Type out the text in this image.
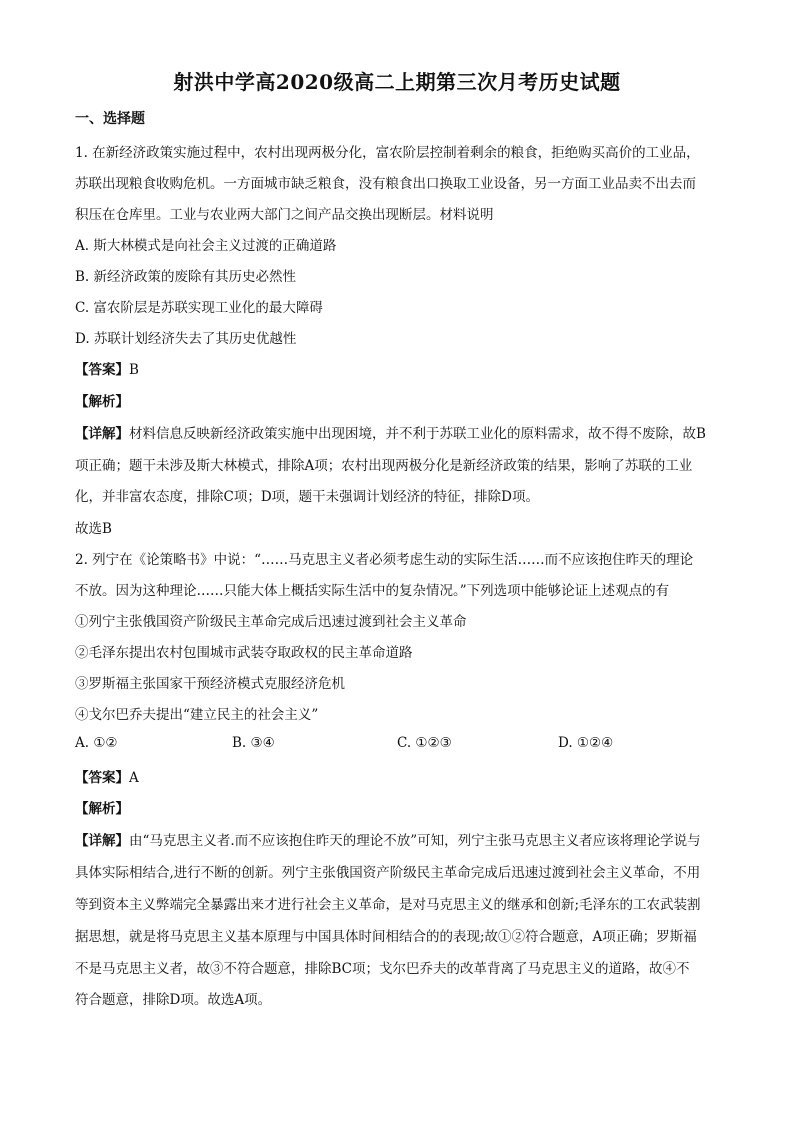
射洪中学高2020级高二上期第三次月考历史试题
一、选择题
1. 在新经济政策实施过程中，农村出现两极分化，富农阶层控制着剩余的粮食，拒绝购买高价的工业品，
苏联出现粮食收购危机。一方面城市缺乏粮食，没有粮食出口换取工业设备，另一方面工业品卖不出去而
积压在仓库里。工业与农业两大部门之间产品交换出现断层。材料说明
A. 斯大林模式是向社会主义过渡的正确道路
B. 新经济政策的废除有其历史必然性
C. 富农阶层是苏联实现工业化的最大障碍
D. 苏联计划经济失去了其历史优越性
【答案】B
【解析】
【详解】材料信息反映新经济政策实施中出现困境，并不利于苏联工业化的原料需求，故不得不废除，故B
项正确；题干未涉及斯大林模式，排除A项；农村出现两极分化是新经济政策的结果，影响了苏联的工业
化，并非富农态度，排除C项；D项，题干未强调计划经济的特征，排除D项。
故选B
2. 列宁在《论策略书》中说：“……马克思主义者必须考虑生动的实际生活……而不应该抱住昨天的理论
不放。因为这种理论……只能大体上概括实际生活中的复杂情况。”下列选项中能够论证上述观点的有
①列宁主张俄国资产阶级民主革命完成后迅速过渡到社会主义革命
②毛泽东提出农村包围城市武装夺取政权的民主革命道路
③罗斯福主张国家干预经济模式克服经济危机
④戈尔巴乔夫提出“建立民主的社会主义”
A. ①②	B. ③④	C. ①②③	D. ①②④
【答案】A
【解析】
【详解】由“马克思主义者.而不应该抱住昨天的理论不放”可知，列宁主张马克思主义者应该将理论学说与
具体实际相结合,进行不断的创新。列宁主张俄国资产阶级民主革命完成后迅速过渡到社会主义革命，不用
等到资本主义弊端完全暴露出来才进行社会主义革命，是对马克思主义的继承和创新;毛泽东的工农武装割
据思想，就是将马克思主义基本原理与中国具体时间相结合的的表现;故①②符合题意，A项正确；罗斯福
不是马克思主义者，故③不符合题意，排除BC项；戈尔巴乔夫的改革背离了马克思主义的道路，故④不
符合题意，排除D项。故选A项。
